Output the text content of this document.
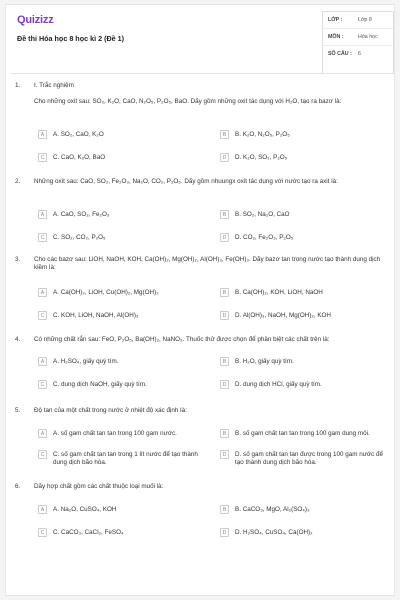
Quizizz
Đề thi Hóa học 8 học kì 2 (Đề 1)
LỚP :	Lớp 8
MÔN :	Hóa học
SỐ CÂU :	6
1. I. Trắc nghiệm
Cho những oxit sau: SO₂, K₂O, CaO, N₂O₅, P₂O₅, BaO. Dãy gồm những oxit tác dụng với H₂O, tạo ra bazơ là:
A	A. SO₂, CaO, K₂O	B	B. K₂O, N₂O₅, P₂O₅
C	C. CaO, K₂O, BaO	D	D. K₂O, SO₂, P₂O₅
2. Những oxit sau: CaO, SO₂, Fe₂O₃, Na₂O, CO₂, P₂O₅. Dãy gồm nhuungx oxit tác dụng với nước tạo ra axit là:
A	A. CaO, SO₂, Fe₂O₃	B	B. SO₂, Na₂O, CaO
C	C. SO₂, CO₂, P₂O₅	D	D. CO₂, Fe₂O₃, P₂O₅
3. Cho các bazơ sau: LiOH, NaOH, KOH, Ca(OH)₂, Mg(OH)₂, Al(OH)₃, Fe(OH)₃. Dãy bazơ tan trong nước tạo thành dung dịch kiềm là:
A	A. Ca(OH)₂, LiOH, Cu(OH)₂, Mg(OH)₂	B	B. Ca(OH)₂, KOH, LiOH, NaOH
C	C. KOH, LiOH, NaOH, Al(OH)₃	D	D. Al(OH)₃, NaOH, Mg(OH)₂, KOH
4. Có những chất rắn sau: FeO, P₂O₅, Ba(OH)₂, NaNO₃. Thuốc thử được chọn để phân biệt các chất trên là:
A	A. H₂SO₄, giấy quỳ tím.	B	B. H₂O, giấy quỳ tím.
C	C. dung dịch NaOH, giấy quỳ tím.	D	D. dung dịch HCl, giấy quỳ tím.
5. Độ tan của một chất trong nước ở nhiệt độ xác định là:
A	A. số gam chất tan tan trong 100 gam nước.	B	B. số gam chất tan tan trong 100 gam dung môi.
C	C. số gam chất tan tan trong 1 lít nước để tạo thành dung dịch bão hòa.
D	D. số gam chất tan tan được trong 100 gam nước để tạo thành dung dịch bão hòa.
6. Dãy hợp chất gồm các chất thuộc loại muối là:
A	A. Na₂O, CuSO₄, KOH	B	B. CaCO₃, MgO, Al₂(SO₄)₃
C	C. CaCO₃, CaCl₂, FeSO₄	D	D. H₂SO₄, CuSO₄, Ca(OH)₂
